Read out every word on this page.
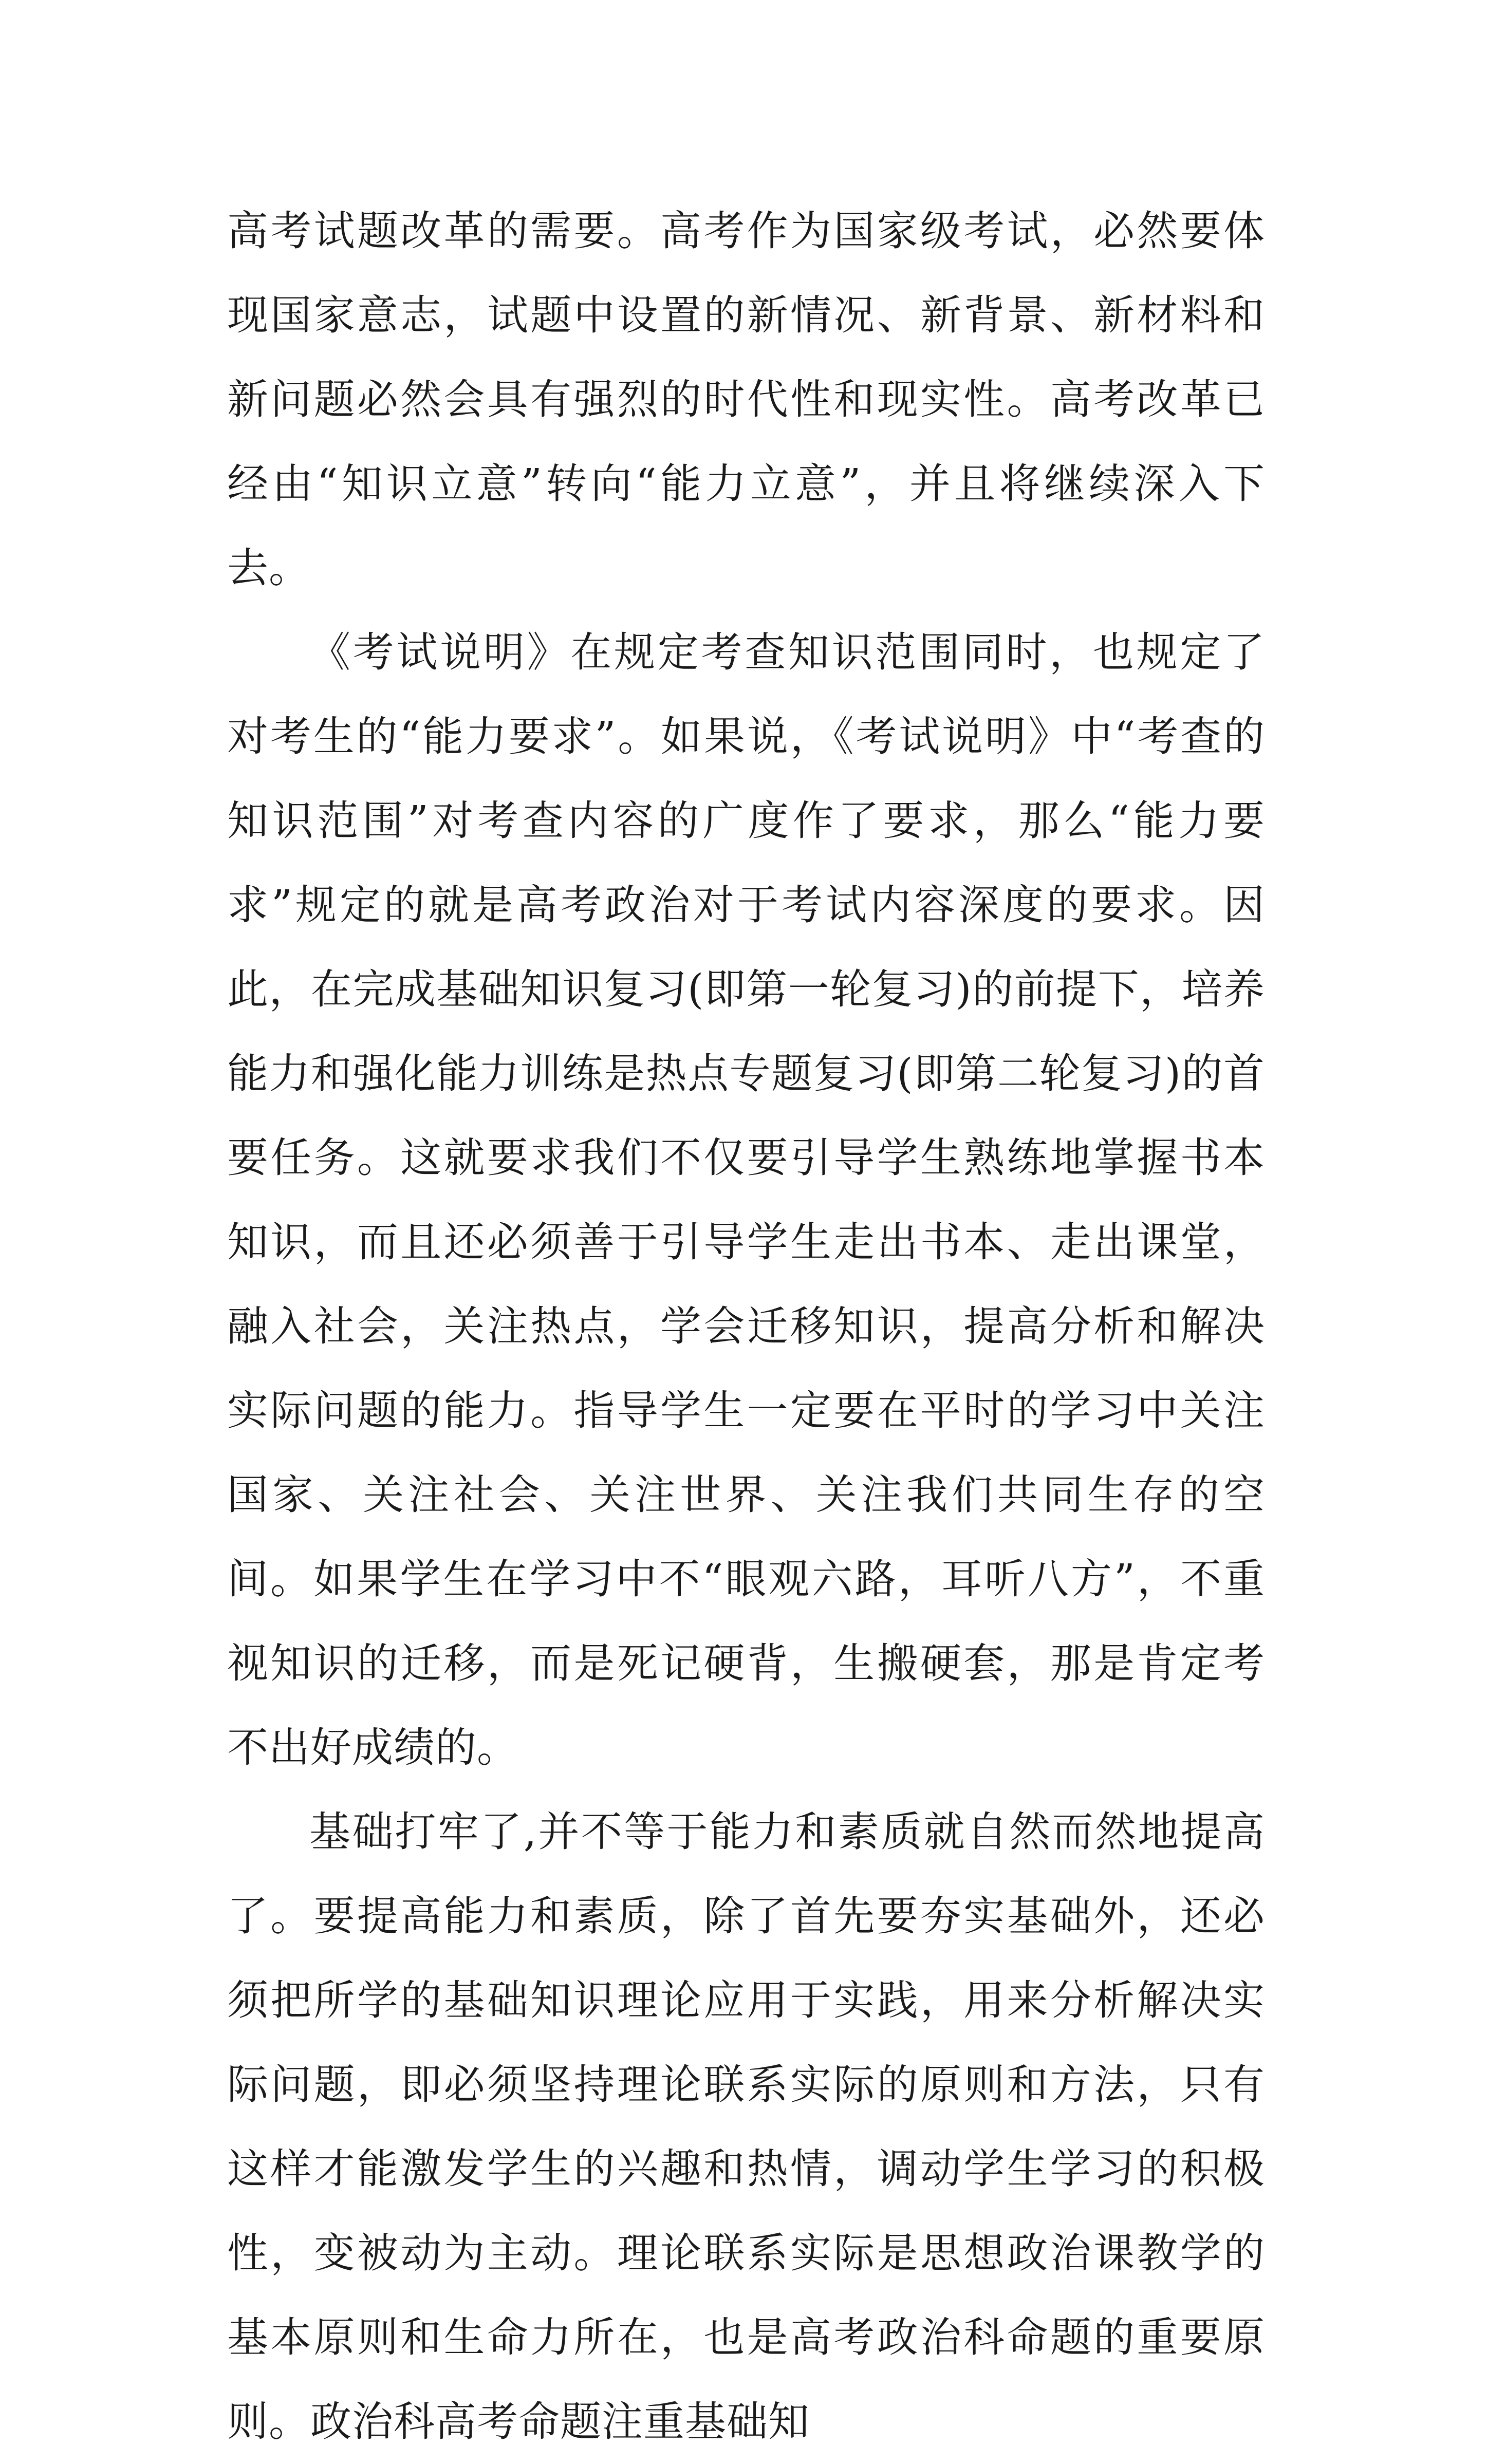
高考试题改革的需要。高考作为国家级考试，必然要体现国家意志，试题中设置的新情况、新背景、新材料和新问题必然会具有强烈的时代性和现实性。高考改革已经由“知识立意”转向“能力立意”，并且将继续深入下去。

《考试说明》在规定考查知识范围同时，也规定了对考生的“能力要求”。如果说，《考试说明》中“考查的知识范围”对考查内容的广度作了要求，那么“能力要求”规定的就是高考政治对于考试内容深度的要求。因此，在完成基础知识复习(即第一轮复习)的前提下，培养能力和强化能力训练是热点专题复习(即第二轮复习)的首要任务。这就要求我们不仅要引导学生熟练地掌握书本知识，而且还必须善于引导学生走出书本、走出课堂，融入社会，关注热点，学会迁移知识，提高分析和解决实际问题的能力。指导学生一定要在平时的学习中关注国家、关注社会、关注世界、关注我们共同生存的空间。如果学生在学习中不“眼观六路，耳听八方”，不重视知识的迁移，而是死记硬背，生搬硬套，那是肯定考不出好成绩的。

基础打牢了,并不等于能力和素质就自然而然地提高了。要提高能力和素质，除了首先要夯实基础外，还必须把所学的基础知识理论应用于实践，用来分析解决实际问题，即必须坚持理论联系实际的原则和方法，只有这样才能激发学生的兴趣和热情，调动学生学习的积极性，变被动为主动。理论联系实际是思想政治课教学的基本原则和生命力所在，也是高考政治科命题的重要原则。政治科高考命题注重基础知
